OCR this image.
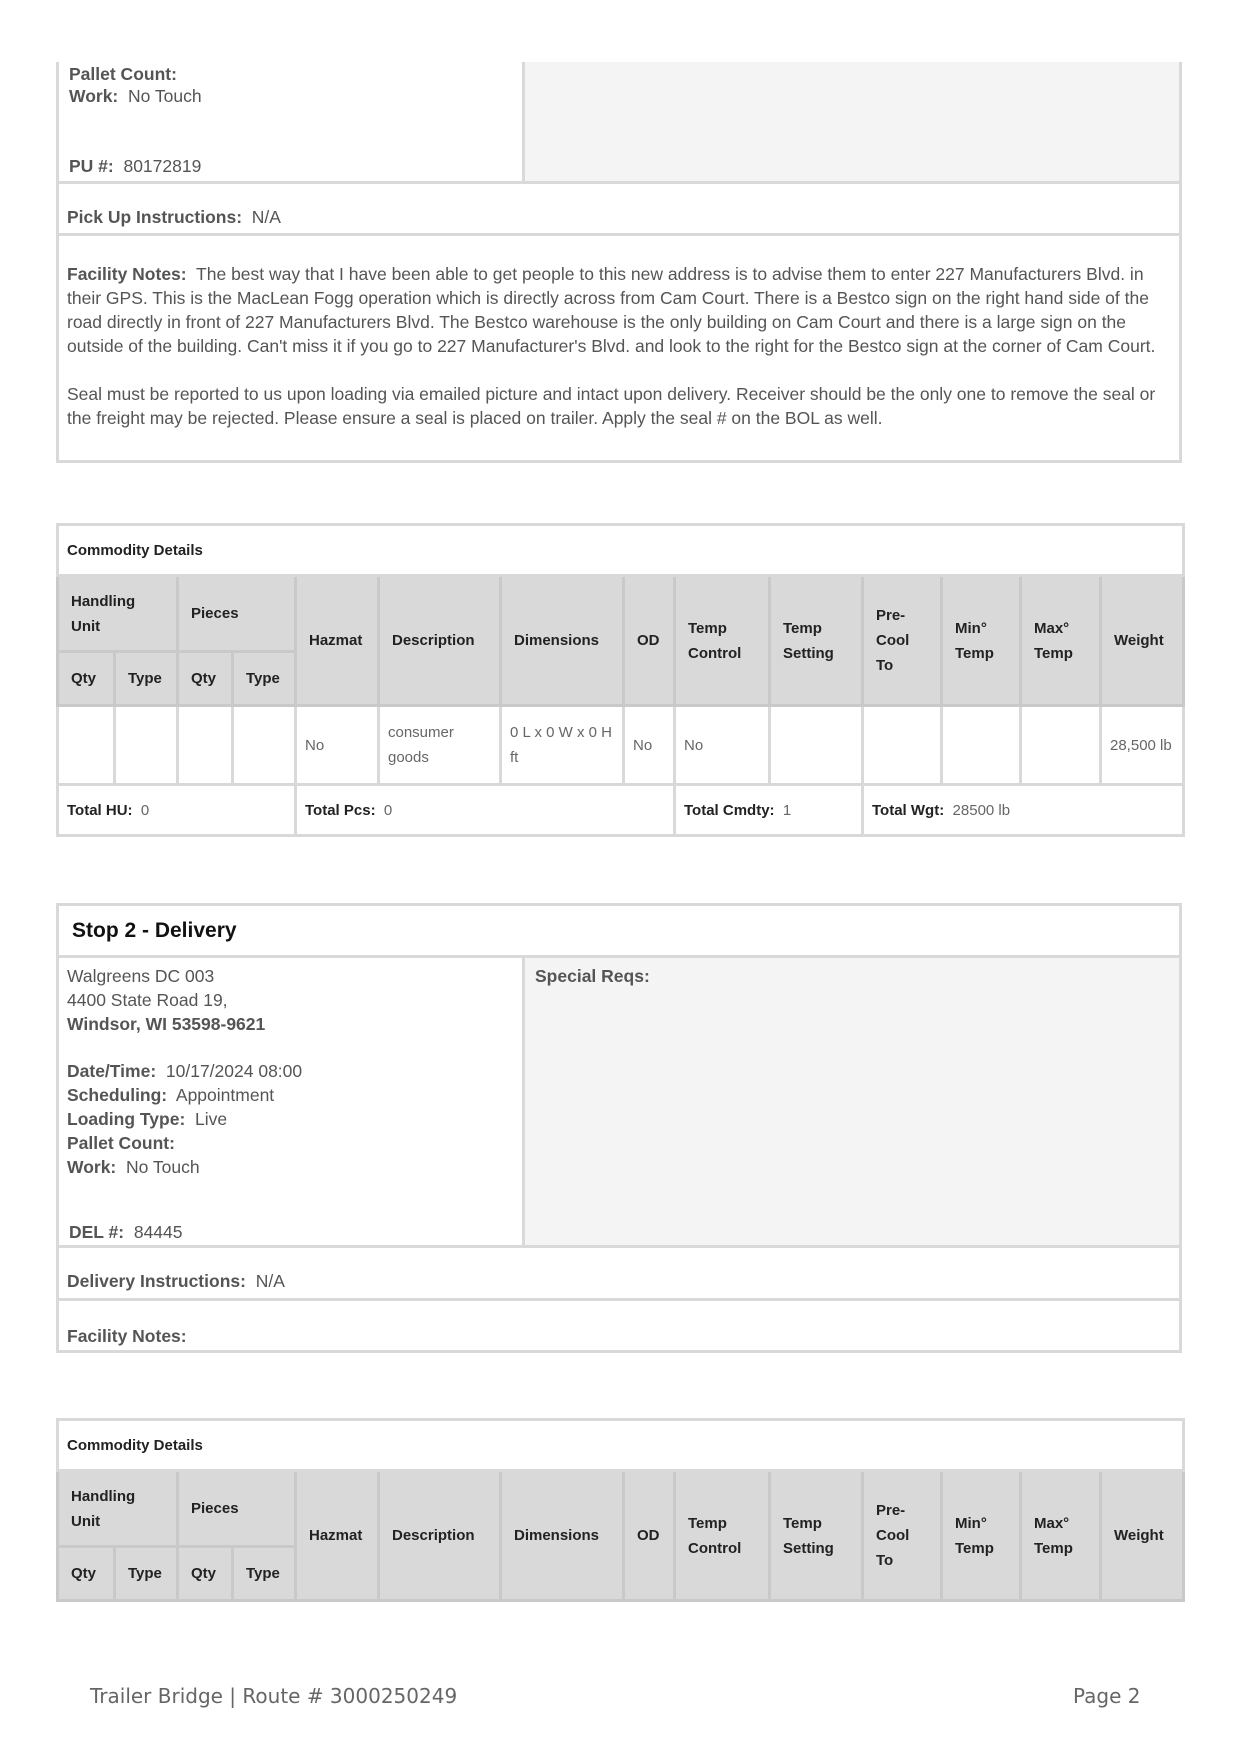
Pallet Count:
Work: No Touch
PU #: 80172819
Pick Up Instructions: N/A
Facility Notes: The best way that I have been able to get people to this new address is to advise them to enter 227 Manufacturers Blvd. in their GPS. This is the MacLean Fogg operation which is directly across from Cam Court. There is a Bestco sign on the right hand side of the road directly in front of 227 Manufacturers Blvd. The Bestco warehouse is the only building on Cam Court and there is a large sign on the outside of the building. Can't miss it if you go to 227 Manufacturer's Blvd. and look to the right for the Bestco sign at the corner of Cam Court.
Seal must be reported to us upon loading via emailed picture and intact upon delivery. Receiver should be the only one to remove the seal or the freight may be rejected. Please ensure a seal is placed on trailer. Apply the seal # on the BOL as well.
Commodity Details													
Handling Unit		Pieces		Hazmat	Description	Dimensions	OD	Temp Control	Temp Setting	Pre-Cool To	Min° Temp	Max° Temp	Weight
Qty	Type	Qty	Type										
				No	consumer goods	0 L x 0 W x 0 H ft	No	No					28,500 lb
Total HU: 0				Total Pcs: 0				Total Cmdty: 1		Total Wgt: 28500 lb			
Stop 2 - Delivery
Walgreens DC 003
4400 State Road 19,
Windsor, WI 53598-9621
Date/Time: 10/17/2024 08:00
Scheduling: Appointment
Loading Type: Live
Pallet Count:
Work: No Touch
DEL #: 84445
Special Reqs:
Delivery Instructions: N/A
Facility Notes:
Commodity Details													
Handling Unit		Pieces		Hazmat	Description	Dimensions	OD	Temp Control	Temp Setting	Pre-Cool To	Min° Temp	Max° Temp	Weight
Qty	Type	Qty	Type										
Trailer Bridge | Route # 3000250249	Page 2
